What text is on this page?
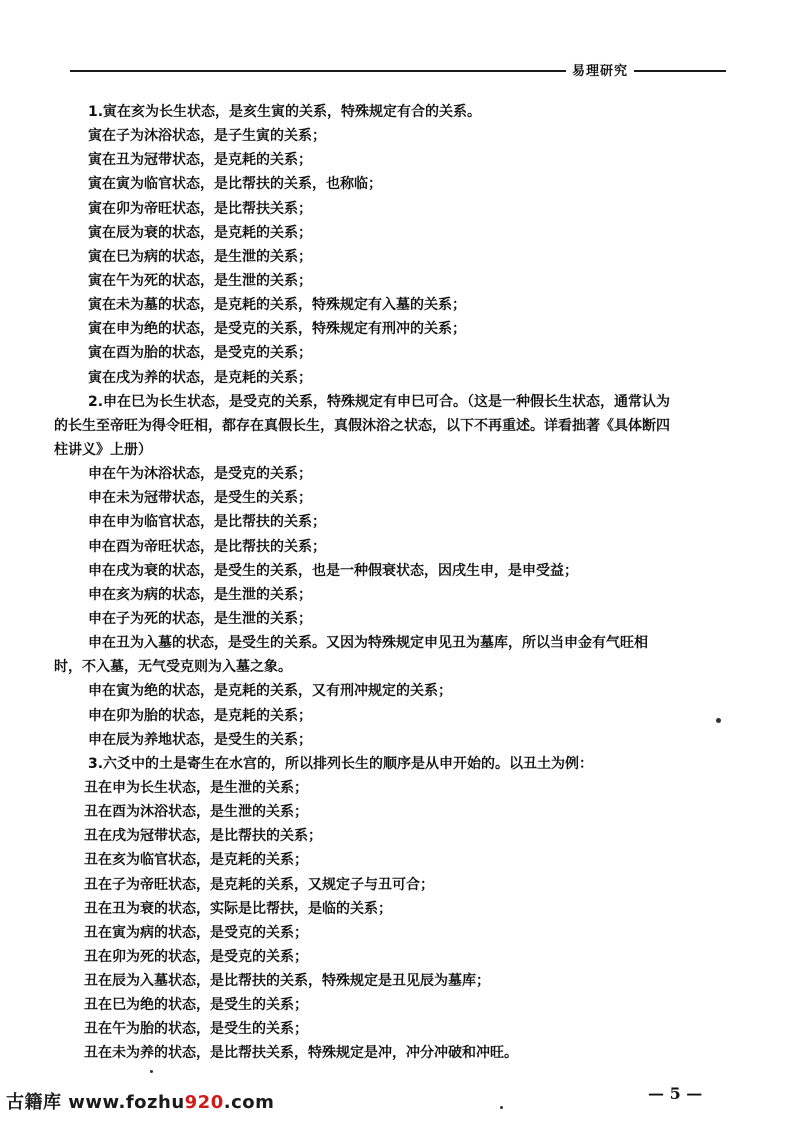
易理研究
1.寅在亥为长生状态，是亥生寅的关系，特殊规定有合的关系。
寅在子为沐浴状态，是子生寅的关系；
寅在丑为冠带状态，是克耗的关系；
寅在寅为临官状态，是比帮扶的关系，也称临；
寅在卯为帝旺状态，是比帮扶关系；
寅在辰为衰的状态，是克耗的关系；
寅在巳为病的状态，是生泄的关系；
寅在午为死的状态，是生泄的关系；
寅在未为墓的状态，是克耗的关系，特殊规定有入墓的关系；
寅在申为绝的状态，是受克的关系，特殊规定有刑冲的关系；
寅在酉为胎的状态，是受克的关系；
寅在戌为养的状态，是克耗的关系；
2.申在巳为长生状态，是受克的关系，特殊规定有申巳可合。（这是一种假长生状态，通常认为
的长生至帝旺为得令旺相，都存在真假长生，真假沐浴之状态，以下不再重述。详看拙著《具体断四
柱讲义》上册）
申在午为沐浴状态，是受克的关系；
申在未为冠带状态，是受生的关系；
申在申为临官状态，是比帮扶的关系；
申在酉为帝旺状态，是比帮扶的关系；
申在戌为衰的状态，是受生的关系，也是一种假衰状态，因戌生申，是申受益；
申在亥为病的状态，是生泄的关系；
申在子为死的状态，是生泄的关系；
申在丑为入墓的状态，是受生的关系。又因为特殊规定申见丑为墓库，所以当申金有气旺相
时，不入墓，无气受克则为入墓之象。
申在寅为绝的状态，是克耗的关系，又有刑冲规定的关系；
申在卯为胎的状态，是克耗的关系；
申在辰为养地状态，是受生的关系；
3.六爻中的土是寄生在水宫的，所以排列长生的顺序是从申开始的。以丑土为例：
丑在申为长生状态，是生泄的关系；
丑在酉为沐浴状态，是生泄的关系；
丑在戌为冠带状态，是比帮扶的关系；
丑在亥为临官状态，是克耗的关系；
丑在子为帝旺状态，是克耗的关系，又规定子与丑可合；
丑在丑为衰的状态，实际是比帮扶，是临的关系；
丑在寅为病的状态，是受克的关系；
丑在卯为死的状态，是受克的关系；
丑在辰为入墓状态，是比帮扶的关系，特殊规定是丑见辰为墓库；
丑在巳为绝的状态，是受生的关系；
丑在午为胎的状态，是受生的关系；
丑在未为养的状态，是比帮扶关系，特殊规定是冲，冲分冲破和冲旺。
— 5 —
古籍库 www.fozhu920.com
